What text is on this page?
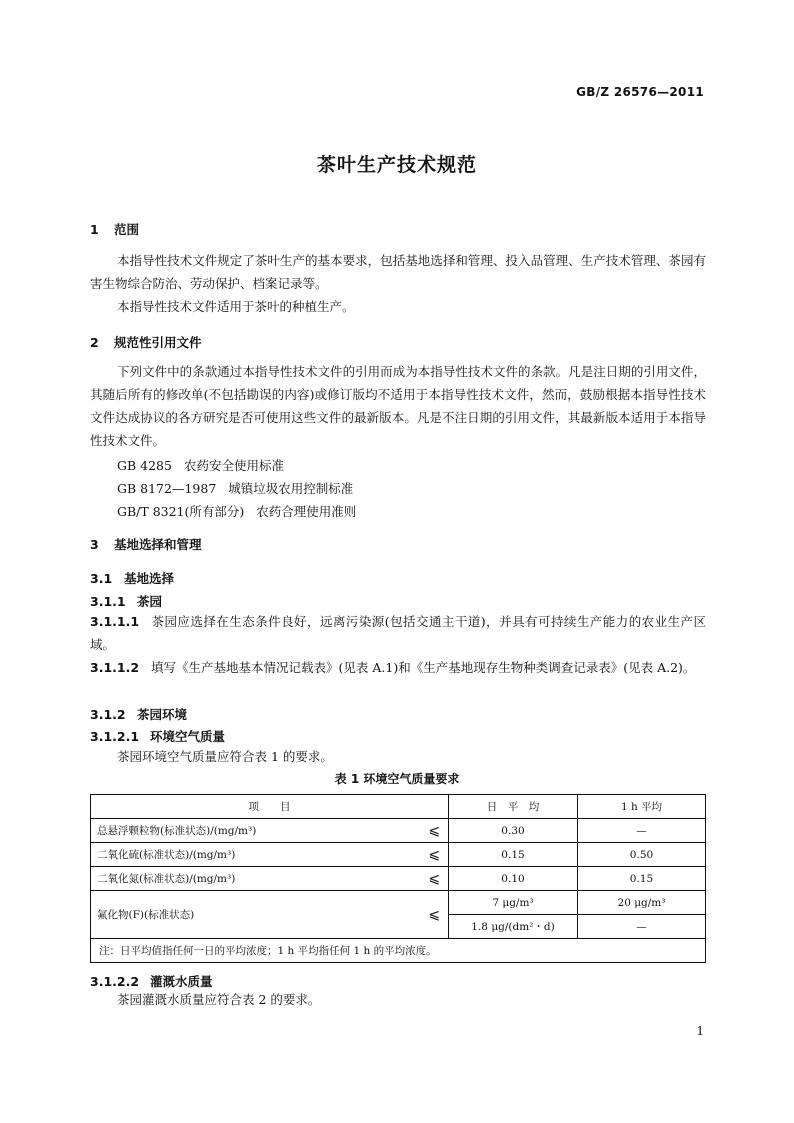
GB/Z 26576—2011
茶叶生产技术规范
1 范围
本指导性技术文件规定了茶叶生产的基本要求，包括基地选择和管理、投入品管理、生产技术管理、茶园有害生物综合防治、劳动保护、档案记录等。
本指导性技术文件适用于茶叶的种植生产。
2 规范性引用文件
下列文件中的条款通过本指导性技术文件的引用而成为本指导性技术文件的条款。凡是注日期的引用文件，其随后所有的修改单(不包括勘误的内容)或修订版均不适用于本指导性技术文件，然而，鼓励根据本指导性技术文件达成协议的各方研究是否可使用这些文件的最新版本。凡是不注日期的引用文件，其最新版本适用于本指导性技术文件。
GB 4285 农药安全使用标准
GB 8172—1987 城镇垃圾农用控制标准
GB/T 8321(所有部分) 农药合理使用准则
3 基地选择和管理
3.1 基地选择
3.1.1 茶园
3.1.1.1 茶园应选择在生态条件良好，远离污染源(包括交通主干道)，并具有可持续生产能力的农业生产区域。
3.1.1.2 填写《生产基地基本情况记载表》(见表 A.1)和《生产基地现存生物种类调查记录表》(见表 A.2)。
3.1.2 茶园环境
3.1.2.1 环境空气质量
茶园环境空气质量应符合表 1 的要求。
表 1 环境空气质量要求
项　　目		日　平　均	1 h 平均
总悬浮颗粒物(标准状态)/(mg/m³)	⩽	0.30	—
二氧化硫(标准状态)/(mg/m³)	⩽	0.15	0.50
二氧化氮(标准状态)/(mg/m³)	⩽	0.10	0.15
氟化物(F)(标准状态)	⩽	7 μg/m³	20 μg/m³
		1.8 μg/(dm²・d)	—
注：日平均值指任何一日的平均浓度；1 h 平均指任何 1 h 的平均浓度。			
3.1.2.2 灌溉水质量
茶园灌溉水质量应符合表 2 的要求。
1
